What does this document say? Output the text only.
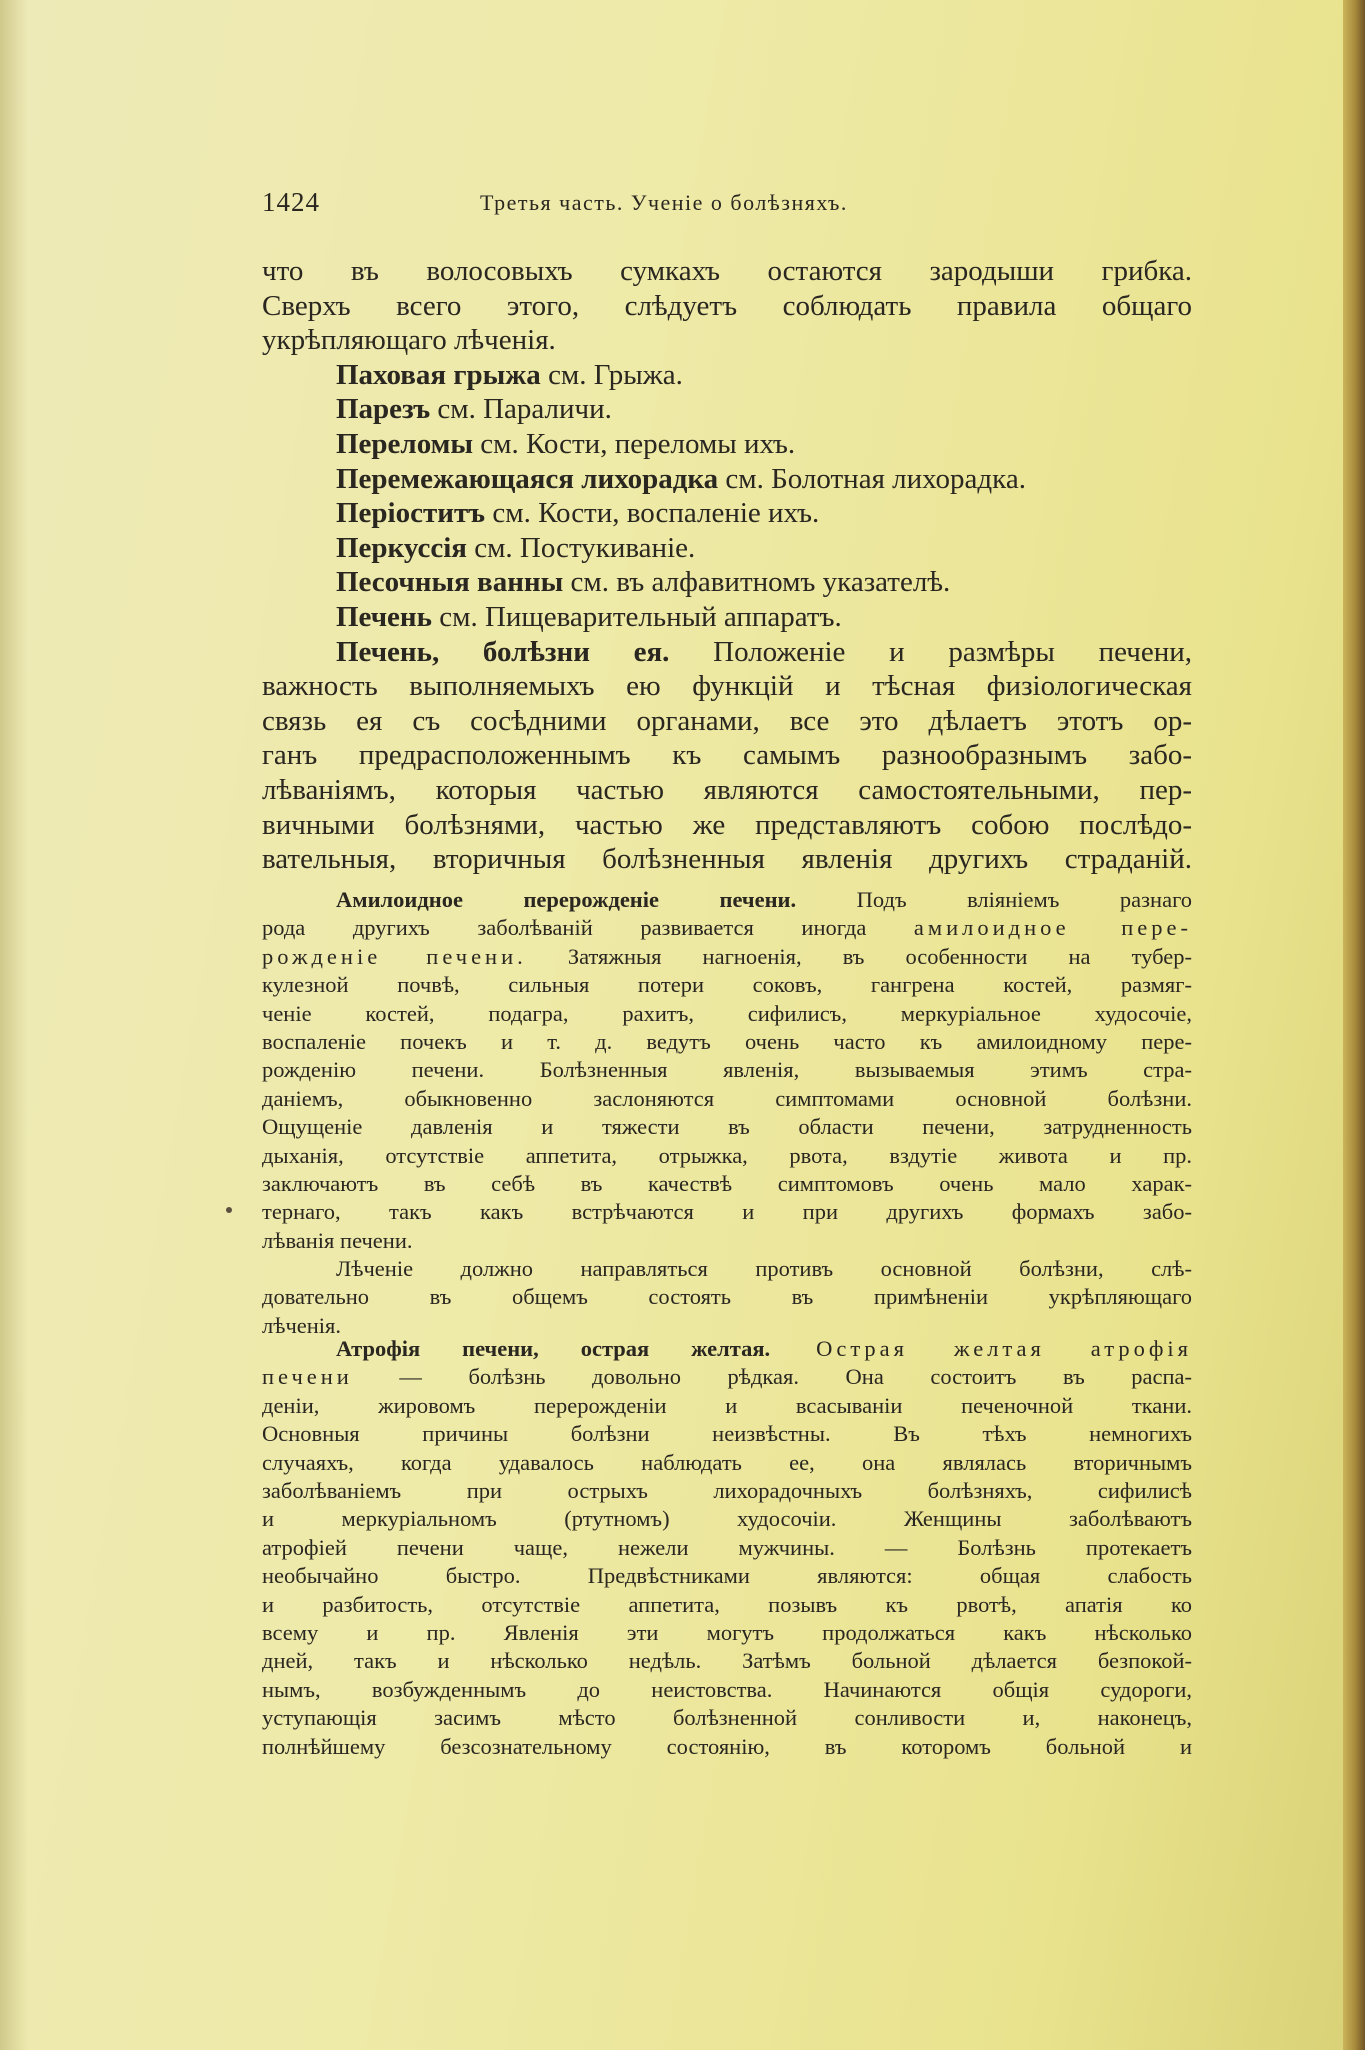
1424	Третья часть. Ученіе о болѣзняхъ.
что въ волосовыхъ сумкахъ остаются зародыши грибка.
Сверхъ всего этого, слѣдуетъ соблюдать правила общаго
укрѣпляющаго лѣченія.
Паховая грыжа см. Грыжа.
Парезъ см. Параличи.
Переломы см. Кости, переломы ихъ.
Перемежающаяся лихорадка см. Болотная лихорадка.
Періоститъ см. Кости, воспаленіе ихъ.
Перкуссія см. Постукиваніе.
Песочныя ванны см. въ алфавитномъ указателѣ.
Печень см. Пищеварительный аппаратъ.
Печень, болѣзни ея. Положеніе и размѣры печени,
важность выполняемыхъ ею функцій и тѣсная физіологическая
связь ея съ сосѣдними органами, все это дѣлаетъ этотъ ор-
ганъ предрасположеннымъ къ самымъ разнообразнымъ забо-
лѣваніямъ, которыя частью являются самостоятельными, пер-
вичными болѣзнями, частью же представляютъ собою послѣдо-
вательныя, вторичныя болѣзненныя явленія другихъ страданій.
Амилоидное перерожденіе печени. Подъ вліяніемъ разнаго
рода другихъ заболѣваній развивается иногда амилоидное пере-
рожденіе печени. Затяжныя нагноенія, въ особенности на тубер-
кулезной почвѣ, сильныя потери соковъ, гангрена костей, размяг-
ченіе костей, подагра, рахитъ, сифилисъ, меркуріальное худосочіе,
воспаленіе почекъ и т. д. ведутъ очень часто къ амилоидному пере-
рожденію печени. Болѣзненныя явленія, вызываемыя этимъ стра-
даніемъ, обыкновенно заслоняются симптомами основной болѣзни.
Ощущеніе давленія и тяжести въ области печени, затрудненность
дыханія, отсутствіе аппетита, отрыжка, рвота, вздутіе живота и пр.
заключаютъ въ себѣ въ качествѣ симптомовъ очень мало харак-
тернаго, такъ какъ встрѣчаются и при другихъ формахъ забо-
лѣванія печени.
Лѣченіе должно направляться противъ основной болѣзни, слѣ-
довательно въ общемъ состоять въ примѣненіи укрѣпляющаго
лѣченія.
Атрофія печени, острая желтая. Острая желтая атрофія
печени — болѣзнь довольно рѣдкая. Она состоитъ въ распа-
деніи, жировомъ перерожденіи и всасываніи печеночной ткани.
Основныя причины болѣзни неизвѣстны. Въ тѣхъ немногихъ
случаяхъ, когда удавалось наблюдать ее, она являлась вторичнымъ
заболѣваніемъ при острыхъ лихорадочныхъ болѣзняхъ, сифилисѣ
и меркуріальномъ (ртутномъ) худосочіи. Женщины заболѣваютъ
атрофіей печени чаще, нежели мужчины. — Болѣзнь протекаетъ
необычайно быстро. Предвѣстниками являются: общая слабость
и разбитость, отсутствіе аппетита, позывъ къ рвотѣ, апатія ко
всему и пр. Явленія эти могутъ продолжаться какъ нѣсколько
дней, такъ и нѣсколько недѣль. Затѣмъ больной дѣлается безпокой-
нымъ, возбужденнымъ до неистовства. Начинаются общія судороги,
уступающія засимъ мѣсто болѣзненной сонливости и, наконецъ,
полнѣйшему безсознательному состоянію, въ которомъ больной и
